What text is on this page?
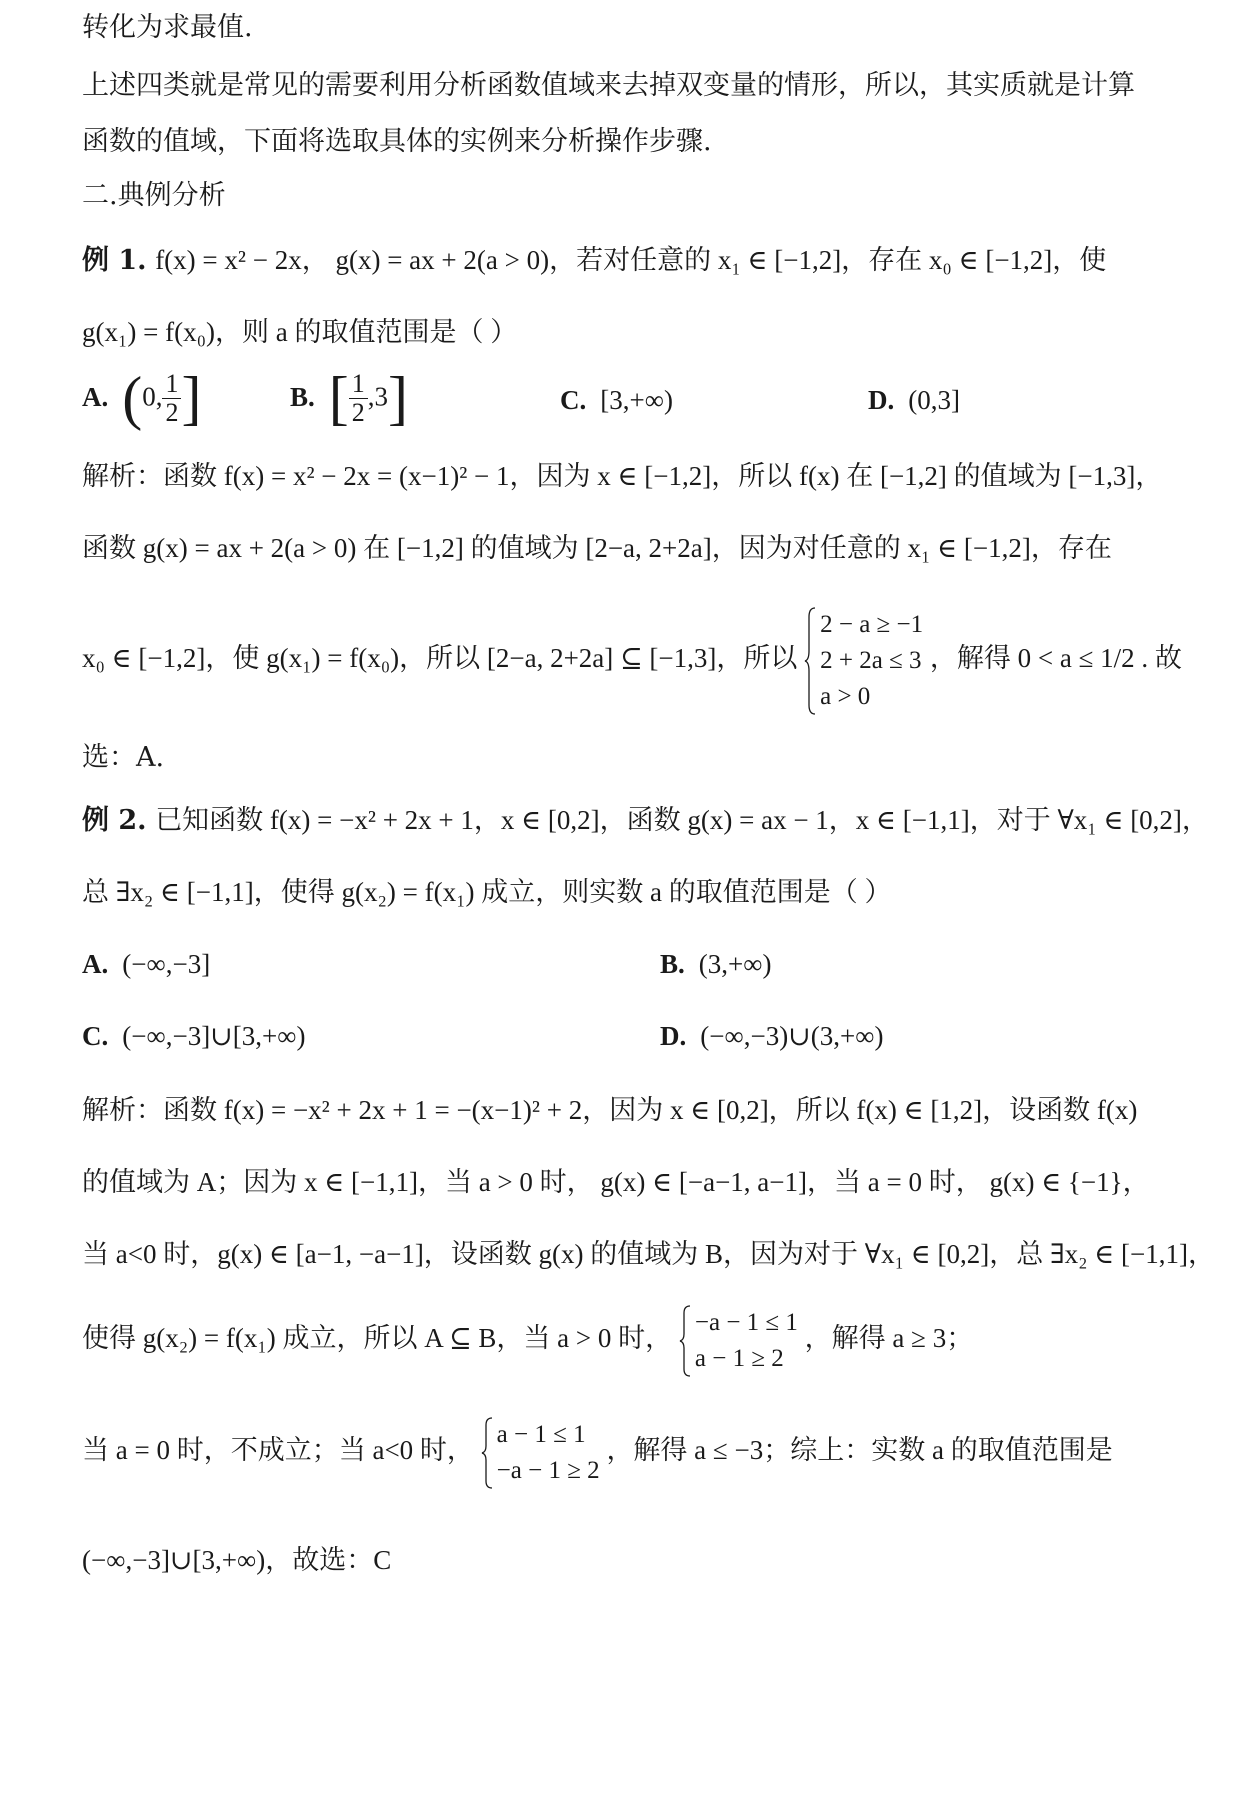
转化为求最值.
上述四类就是常见的需要利用分析函数值域来去掉双变量的情形，所以，其实质就是计算
函数的值域，下面将选取具体的实例来分析操作步骤.
二.典例分析
例 1. f(x) = x² − 2x， g(x) = ax + 2(a > 0)，若对任意的 x₁ ∈ [−1,2]，存在 x₀ ∈ [−1,2]，使
g(x₁) = f(x₀)，则 a 的取值范围是（ ）
A. (0, $\frac{1}{2}$ ]	B. [ $\frac{1}{2} ,3$]	C. [3,+∞)	D. (0,3]
解析：函数 f(x) = x² − 2x = (x−1)² − 1，因为 x ∈ [−1,2]，所以 f(x) 在 [−1,2] 的值域为 [−1,3]，
函数 g(x) = ax + 2(a > 0) 在 [−1,2] 的值域为 [2−a, 2+2a]，因为对任意的 x₁ ∈ [−1,2]，存在
x₀ ∈ [−1,2]，使 g(x₁) = f(x₀)，所以 [2−a, 2+2a] ⊆ [−1,3]，所以
2 − a ≥ −1
2 + 2a ≤ 3
a > 0
，解得 0 < a ≤ 1/2 . 故
选：A.
例 2. 已知函数 f(x) = −x² + 2x + 1，x ∈ [0,2]，函数 g(x) = ax − 1，x ∈ [−1,1]，对于 ∀x₁ ∈ [0,2]，
总 ∃x₂ ∈ [−1,1]，使得 g(x₂) = f(x₁) 成立，则实数 a 的取值范围是（ ）
A. (−∞,−3]	B. (3,+∞)
C. (−∞,−3]∪[3,+∞)	D. (−∞,−3)∪(3,+∞)
解析：函数 f(x) = −x² + 2x + 1 = −(x−1)² + 2，因为 x ∈ [0,2]，所以 f(x) ∈ [1,2]，设函数 f(x)
的值域为 A；因为 x ∈ [−1,1]，当 a > 0 时， g(x) ∈ [−a−1, a−1]，当 a = 0 时， g(x) ∈ {−1}，
当 a<0 时，g(x) ∈ [a−1, −a−1]，设函数 g(x) 的值域为 B，因为对于 ∀x₁ ∈ [0,2]，总 ∃x₂ ∈ [−1,1]，
使得 g(x₂) = f(x₁) 成立，所以 A ⊆ B，当 a > 0 时，
−a − 1 ≤ 1
a − 1 ≥ 2
，解得 a ≥ 3；
当 a = 0 时，不成立；当 a<0 时，
a − 1 ≤ 1
−a − 1 ≥ 2
，解得 a ≤ −3；综上：实数 a 的取值范围是
(−∞,−3]∪[3,+∞)，故选：C
